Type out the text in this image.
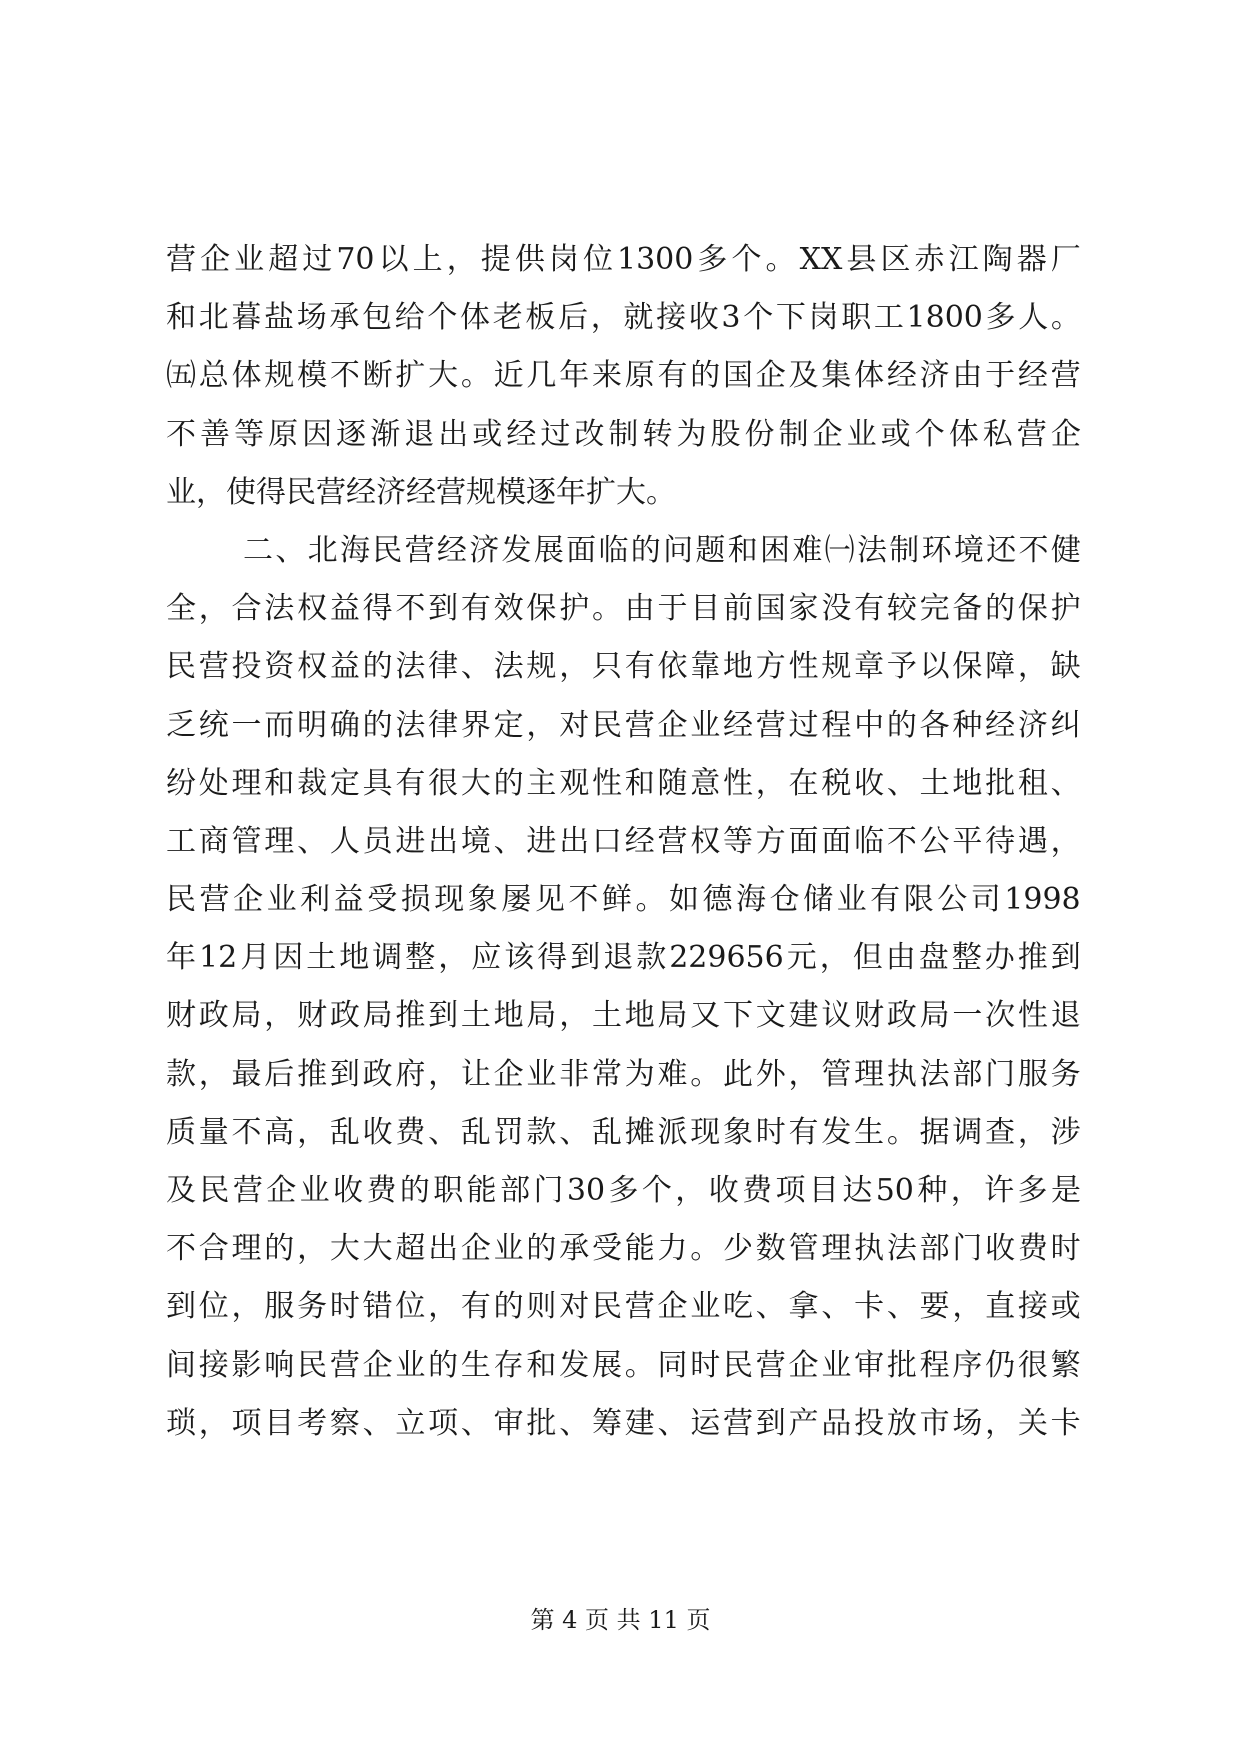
营 企 业 超 过 70 以 上 ， 提 供 岗 位 1300 多 个 。 XX 县 区 赤 江 陶 器 厂
和 北 暮 盐 场 承 包 给 个 体 老 板 后 ， 就 接 收 3 个 下 岗 职 工 1800 多 人 。
㈤ 总 体 规 模 不 断 扩 大 。 近 几 年 来 原 有 的 国 企 及 集 体 经 济 由 于 经 营
不 善 等 原 因 逐 渐 退 出 或 经 过 改 制 转 为 股 份 制 企 业 或 个 体 私 营 企
业，使得民营经济经营规模逐年扩大。
二 、 北 海 民 营 经 济 发 展 面 临 的 问 题 和 困 难 ㈠ 法 制 环 境 还 不 健
全 ， 合 法 权 益 得 不 到 有 效 保 护 。 由 于 目 前 国 家 没 有 较 完 备 的 保 护
民 营 投 资 权 益 的 法 律 、 法 规 ， 只 有 依 靠 地 方 性 规 章 予 以 保 障 ， 缺
乏 统 一 而 明 确 的 法 律 界 定 ， 对 民 营 企 业 经 营 过 程 中 的 各 种 经 济 纠
纷 处 理 和 裁 定 具 有 很 大 的 主 观 性 和 随 意 性 ， 在 税 收 、 土 地 批 租 、
工 商 管 理 、 人 员 进 出 境 、 进 出 口 经 营 权 等 方 面 面 临 不 公 平 待 遇 ，
民 营 企 业 利 益 受 损 现 象 屡 见 不 鲜 。 如 德 海 仓 储 业 有 限 公 司 1998
年 12 月 因 土 地 调 整 ， 应 该 得 到 退 款 229656 元 ， 但 由 盘 整 办 推 到
财 政 局 ， 财 政 局 推 到 土 地 局 ， 土 地 局 又 下 文 建 议 财 政 局 一 次 性 退
款 ， 最 后 推 到 政 府 ， 让 企 业 非 常 为 难 。 此 外 ， 管 理 执 法 部 门 服 务
质 量 不 高 ， 乱 收 费 、 乱 罚 款 、 乱 摊 派 现 象 时 有 发 生 。 据 调 查 ， 涉
及 民 营 企 业 收 费 的 职 能 部 门 30 多 个 ， 收 费 项 目 达 50 种 ， 许 多 是
不 合 理 的 ， 大 大 超 出 企 业 的 承 受 能 力 。 少 数 管 理 执 法 部 门 收 费 时
到 位 ， 服 务 时 错 位 ， 有 的 则 对 民 营 企 业 吃 、 拿 、 卡 、 要 ， 直 接 或
间 接 影 响 民 营 企 业 的 生 存 和 发 展 。 同 时 民 营 企 业 审 批 程 序 仍 很 繁
琐 ， 项 目 考 察 、 立 项 、 审 批 、 筹 建 、 运 营 到 产 品 投 放 市 场 ， 关 卡
第 4 页 共 11 页
